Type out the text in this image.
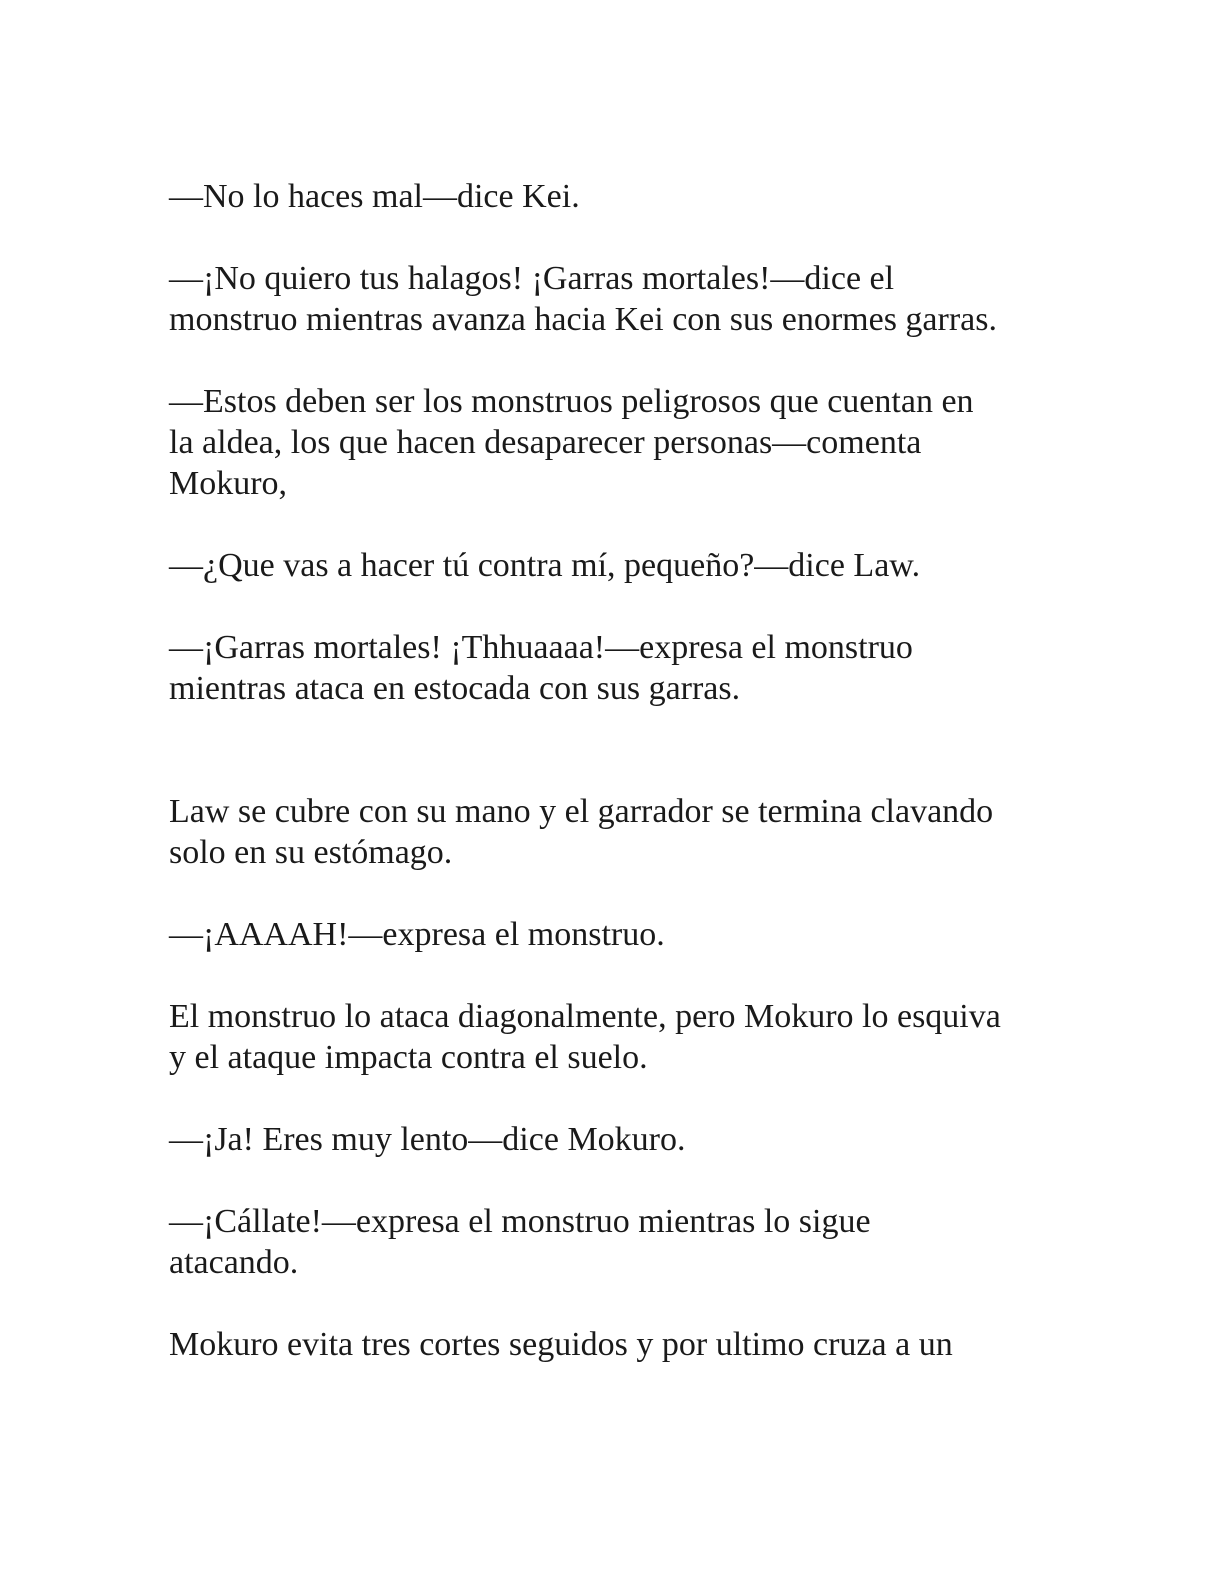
—No lo haces mal—dice Kei.

—¡No quiero tus halagos! ¡Garras mortales!—dice el
monstruo mientras avanza hacia Kei con sus enormes garras.

—Estos deben ser los monstruos peligrosos que cuentan en
la aldea, los que hacen desaparecer personas—comenta
Mokuro,

—¿Que vas a hacer tú contra mí, pequeño?—dice Law.

—¡Garras mortales! ¡Thhuaaaa!—expresa el monstruo
mientras ataca en estocada con sus garras.

Law se cubre con su mano y el garrador se termina clavando
solo en su estómago.

—¡AAAAH!—expresa el monstruo.

El monstruo lo ataca diagonalmente, pero Mokuro lo esquiva
y el ataque impacta contra el suelo.

—¡Ja! Eres muy lento—dice Mokuro.

—¡Cállate!—expresa el monstruo mientras lo sigue
atacando.

Mokuro evita tres cortes seguidos y por ultimo cruza a un
